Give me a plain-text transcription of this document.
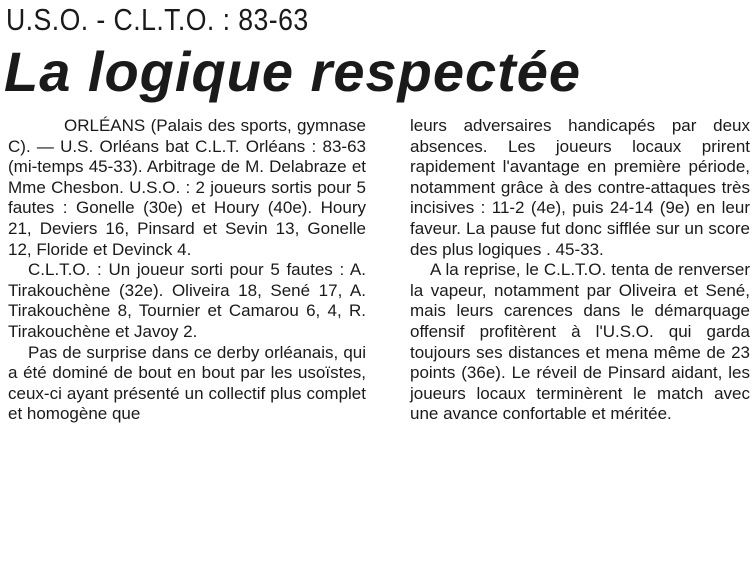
U.S.O. - C.L.T.O. : 83-63
La logique respectée

ORLÉANS (Palais des sports, gymnase C). — U.S. Orléans bat C.L.T. Orléans : 83-63 (mi-temps 45-33). Arbitrage de M. Delabraze et Mme Chesbon. U.S.O. : 2 joueurs sortis pour 5 fautes : Gonelle (30e) et Houry (40e). Houry 21, Deviers 16, Pinsard et Sevin 13, Gonelle 12, Floride et Devinck 4.

C.L.T.O. : Un joueur sorti pour 5 fautes : A. Tirakouchène (32e). Oliveira 18, Sené 17, A. Tirakouchène 8, Tournier et Camarou 6, 4, R. Tirakouchène et Javoy 2.

Pas de surprise dans ce derby orléanais, qui a été dominé de bout en bout par les usoïstes, ceux-ci ayant présenté un collectif plus complet et homogène que

leurs adversaires handicapés par deux absences. Les joueurs locaux prirent rapidement l'avantage en première période, notamment grâce à des contre-attaques très incisives : 11-2 (4e), puis 24-14 (9e) en leur faveur. La pause fut donc sifflée sur un score des plus logiques . 45-33.

A la reprise, le C.L.T.O. tenta de renverser la vapeur, notamment par Oliveira et Sené, mais leurs carences dans le démarquage offensif profitèrent à l'U.S.O. qui garda toujours ses distances et mena même de 23 points (36e). Le réveil de Pinsard aidant, les joueurs locaux terminèrent le match avec une avance confortable et méritée.
